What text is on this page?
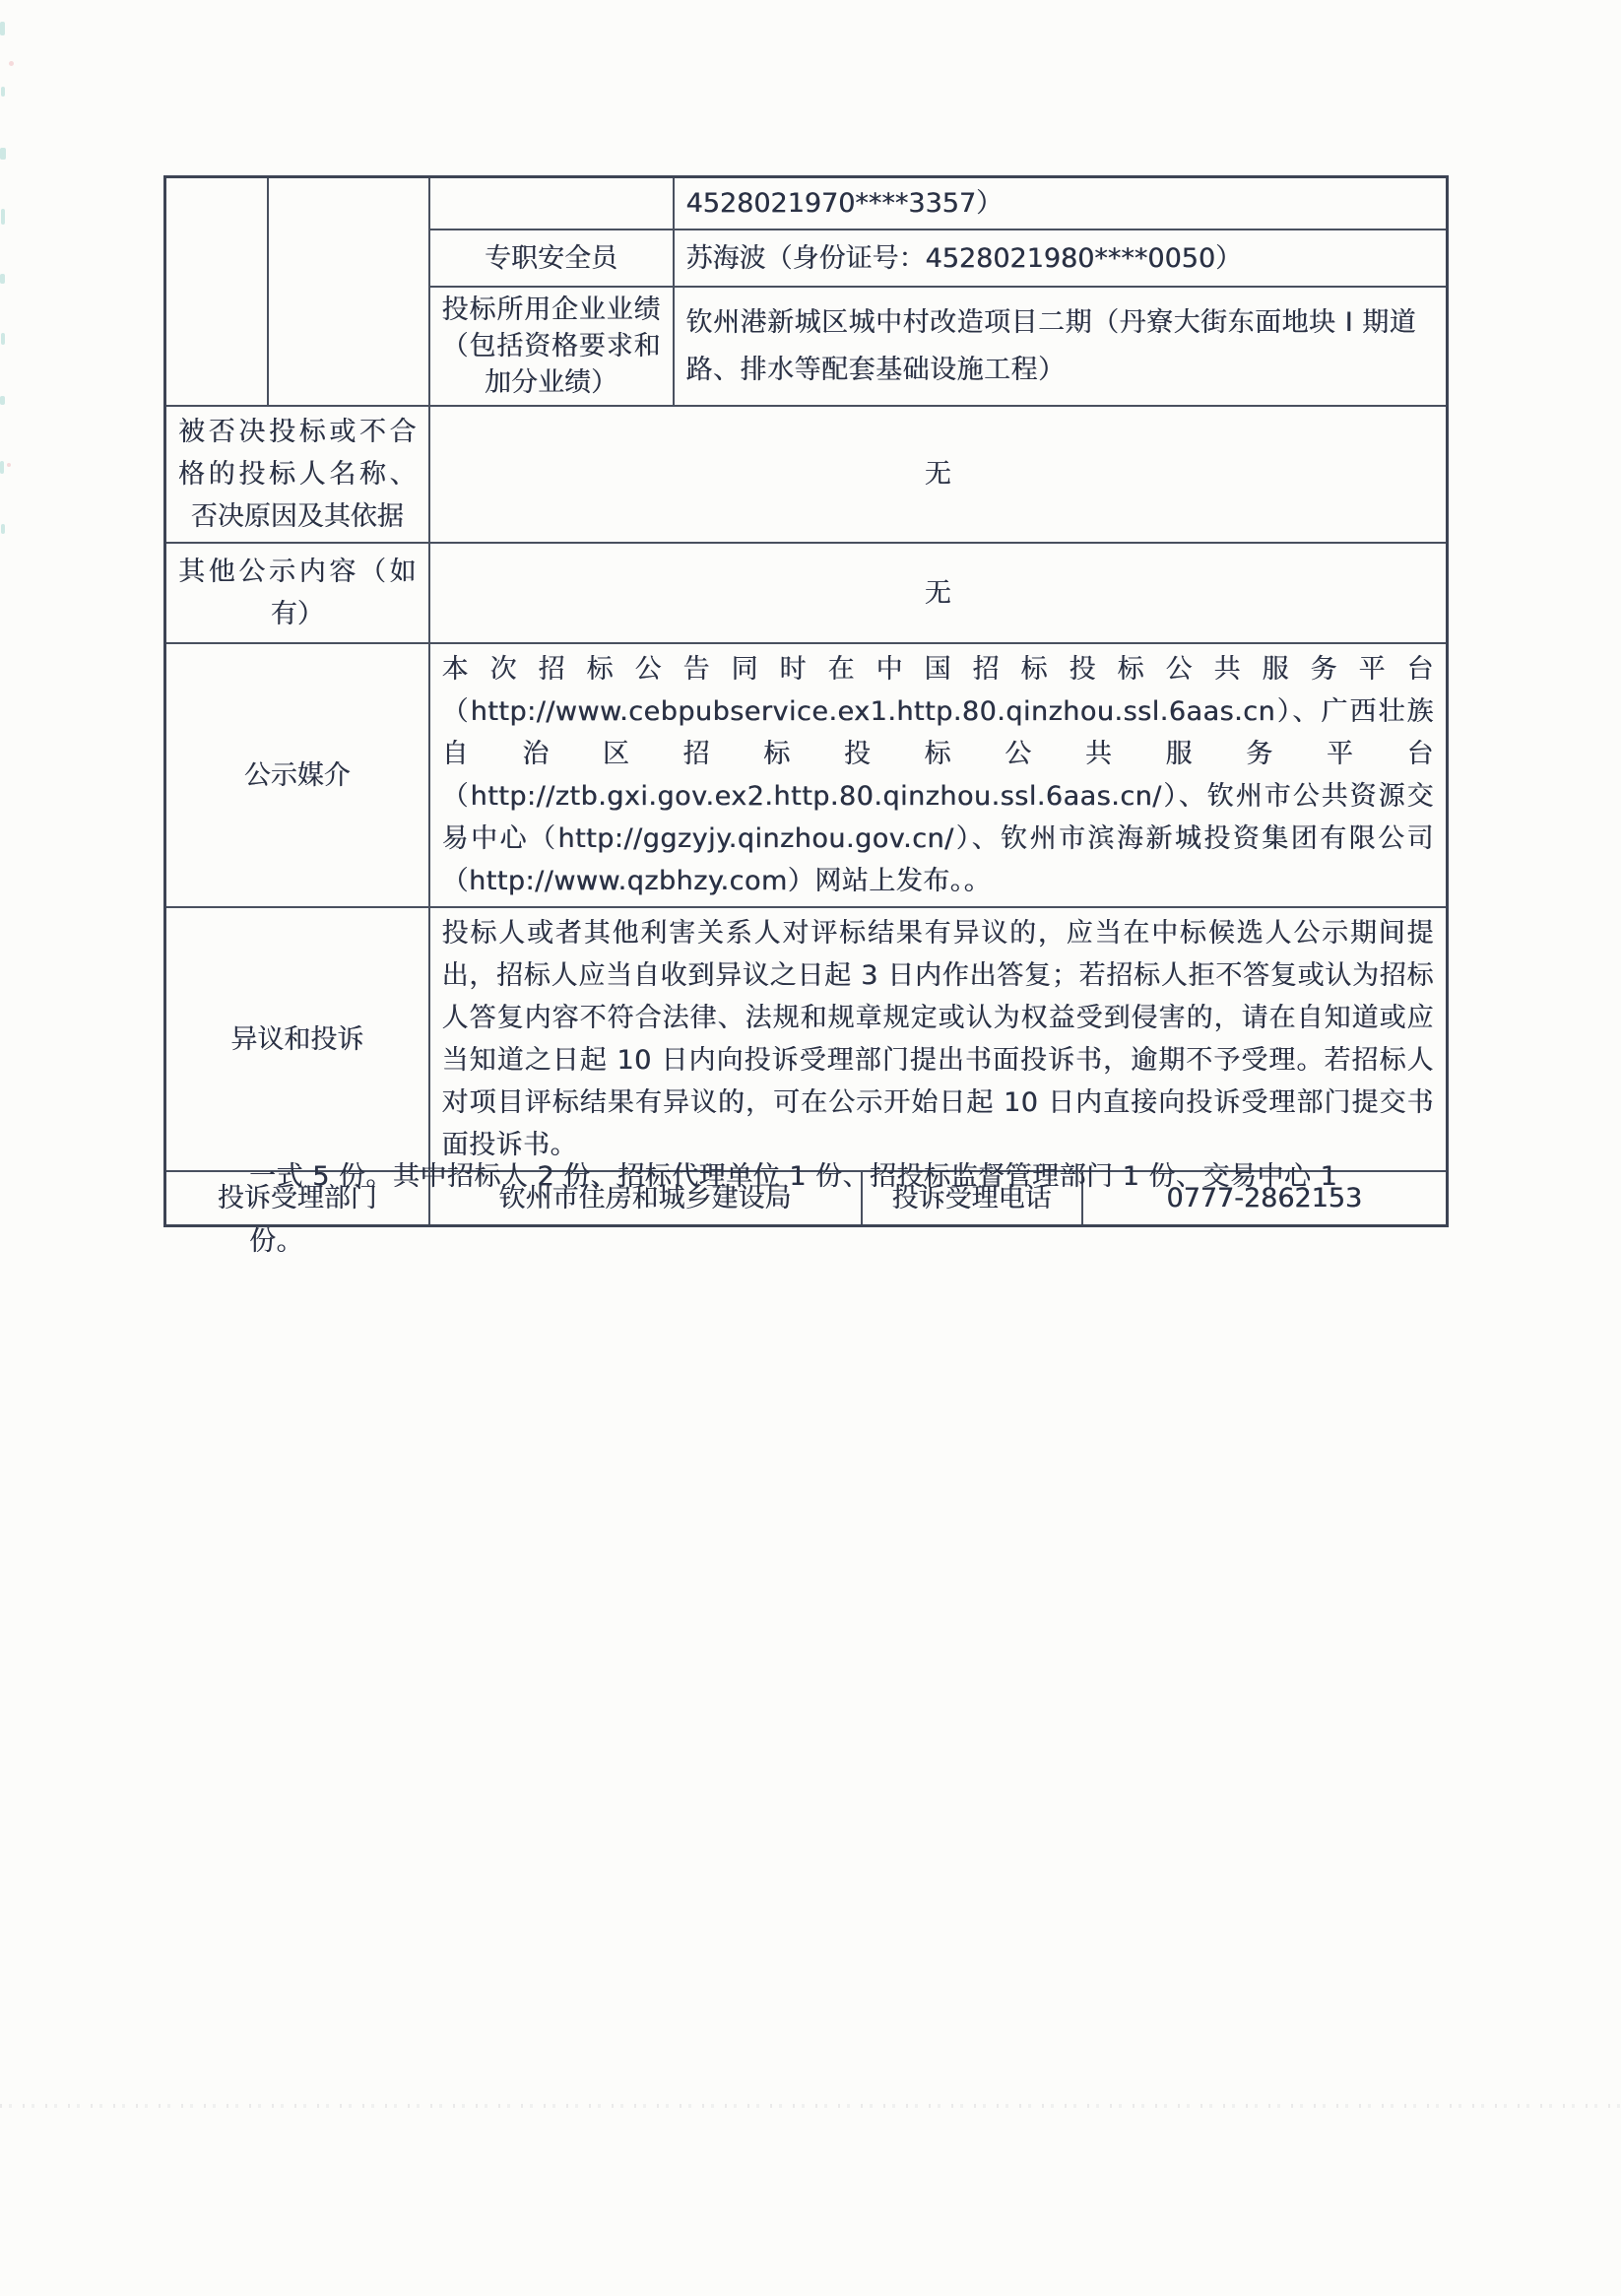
			4528021970****3357）		
		专职安全员	苏海波（身份证号：4528021980****0050）		
		投标所用企业业绩（包括资格要求和加分业绩）	钦州港新城区城中村改造项目二期（丹寮大街东面地块 Ⅰ 期道路、排水等配套基础设施工程）		
被否决投标或不合格的投标人名称、否决原因及其依据		无			
其他公示内容（如有）		无			
公示媒介		本次招标公告同时在中国招标投标公共服务平台（http://www.cebpubservice.ex1.http.80.qinzhou.ssl.6aas.cn）、广西壮族自治区招标投标公共服务平台（http://ztb.gxi.gov.ex2.http.80.qinzhou.ssl.6aas.cn/）、钦州市公共资源交易中心（http://ggzyjy.qinzhou.gov.cn/）、钦州市滨海新城投资集团有限公司（http://www.qzbhzy.com）网站上发布。。			
异议和投诉		投标人或者其他利害关系人对评标结果有异议的，应当在中标候选人公示期间提出，招标人应当自收到异议之日起 3 日内作出答复；若招标人拒不答复或认为招标人答复内容不符合法律、法规和规章规定或认为权益受到侵害的，请在自知道或应当知道之日起 10 日内向投诉受理部门提出书面投诉书，逾期不予受理。若招标人对项目评标结果有异议的，可在公示开始日起 10 日内直接向投诉受理部门提交书面投诉书。			
投诉受理部门		钦州市住房和城乡建设局		投诉受理电话	0777-2862153
一式 5 份。其中招标人 2 份、招标代理单位 1 份、招投标监督管理部门 1 份、交易中心 1 份。
